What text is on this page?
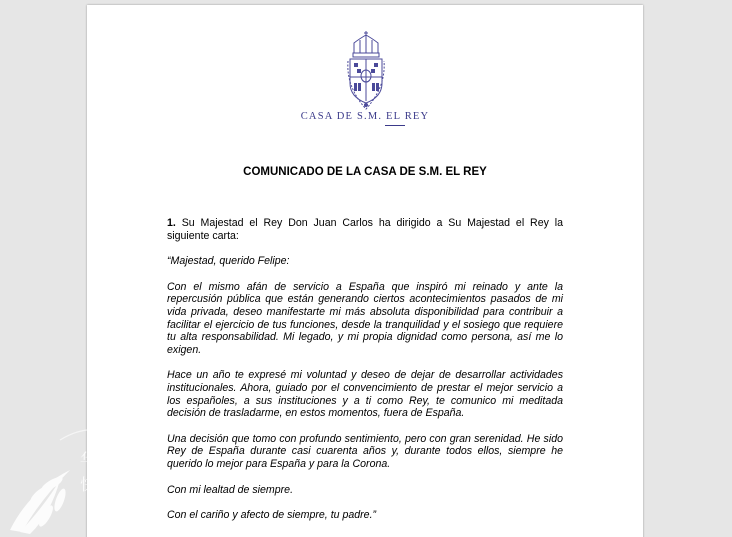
CASA DE S.M. EL REY
COMUNICADO DE LA CASA DE S.M. EL REY

1. Su Majestad el Rey Don Juan Carlos ha dirigido a Su Majestad el Rey la siguiente carta:

“Majestad, querido Felipe:

Con el mismo afán de servicio a España que inspiró mi reinado y ante la repercusión pública que están generando ciertos acontecimientos pasados de mi vida privada, deseo manifestarte mi más absoluta disponibilidad para contribuir a facilitar el ejercicio de tus funciones, desde la tranquilidad y el sosiego que requiere tu alta responsabilidad. Mi legado, y mi propia dignidad como persona, así me lo exigen.

Hace un año te expresé mi voluntad y deseo de dejar de desarrollar actividades institucionales. Ahora, guiado por el convencimiento de prestar el mejor servicio a los españoles, a sus instituciones y a ti como Rey, te comunico mi meditada decisión de trasladarme, en estos momentos, fuera de España.

Una decisión que tomo con profundo sentimiento, pero con gran serenidad. He sido Rey de España durante casi cuarenta años y, durante todos ellos, siempre he querido lo mejor para España y para la Corona.

Con mi lealtad de siempre.

Con el cariño y afecto de siempre, tu padre.”

华 侨
快 报
